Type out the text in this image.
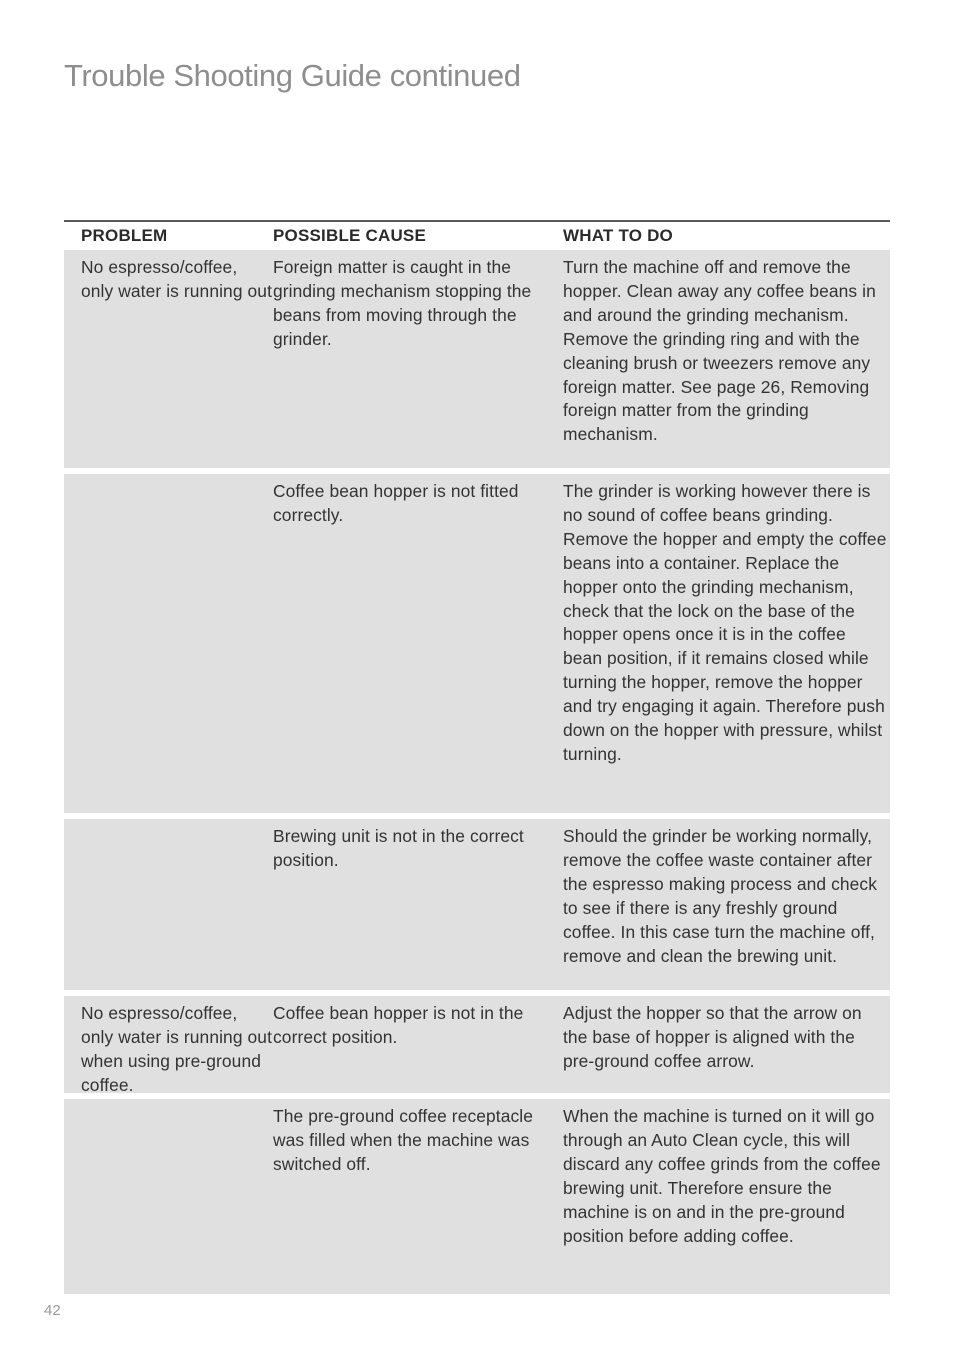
Trouble Shooting Guide continued
PROBLEM	POSSIBLE CAUSE	WHAT TO DO
No espresso/coffee, only water is running out
Foreign matter is caught in the grinding mechanism stopping the beans from moving through the grinder.
Turn the machine off and remove the hopper. Clean away any coffee beans in and around the grinding mechanism. Remove the grinding ring and with the cleaning brush or tweezers remove any foreign matter. See page 26, Removing foreign matter from the grinding mechanism.
Coffee bean hopper is not fitted correctly.
The grinder is working however there is no sound of coffee beans grinding. Remove the hopper and empty the coffee beans into a container. Replace the hopper onto the grinding mechanism, check that the lock on the base of the hopper opens once it is in the coffee bean position, if it remains closed while turning the hopper, remove the hopper and try engaging it again. Therefore push down on the hopper with pressure, whilst turning.
Brewing unit is not in the correct position.
Should the grinder be working normally, remove the coffee waste container after the espresso making process and check to see if there is any freshly ground coffee. In this case turn the machine off, remove and clean the brewing unit.
No espresso/coffee, only water is running out when using pre-ground coffee.
Coffee bean hopper is not in the correct position.
Adjust the hopper so that the arrow on the base of hopper is aligned with the pre-ground coffee arrow.
The pre-ground coffee receptacle was filled when the machine was switched off.
When the machine is turned on it will go through an Auto Clean cycle, this will discard any coffee grinds from the coffee brewing unit. Therefore ensure the machine is on and in the pre-ground position before adding coffee.
42
